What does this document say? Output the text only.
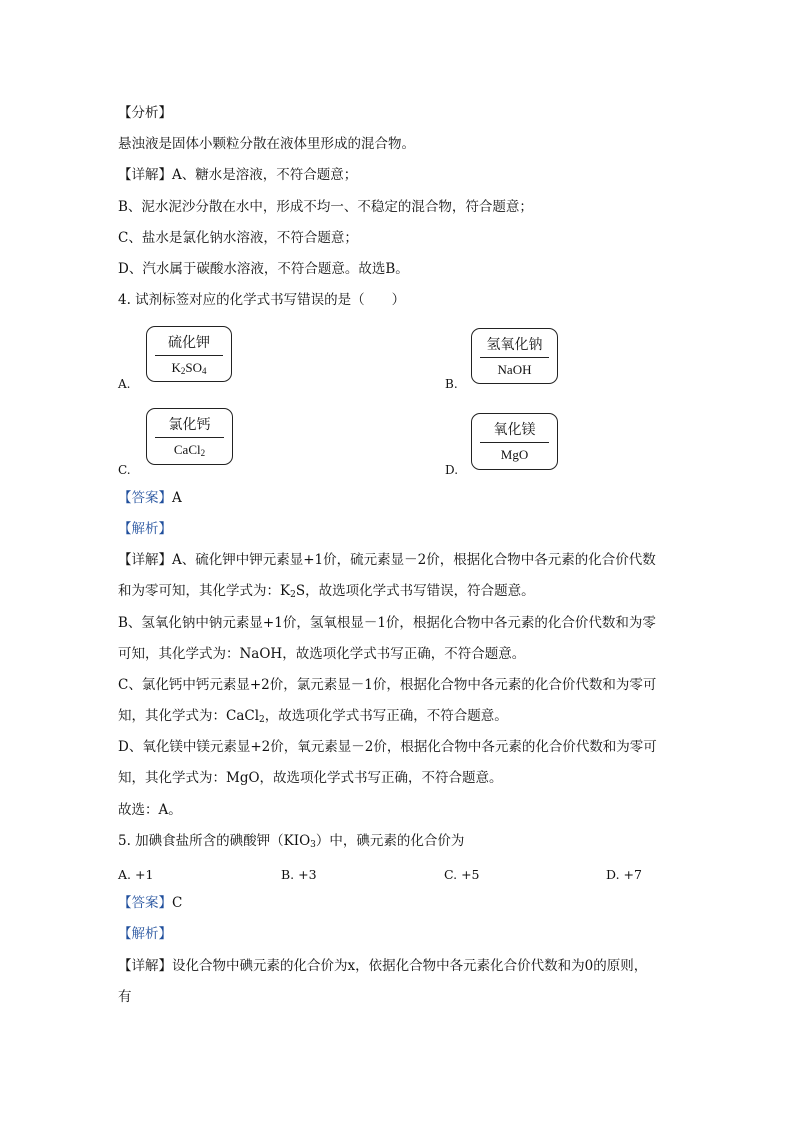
【分析】
悬浊液是固体小颗粒分散在液体里形成的混合物。
【详解】A、糖水是溶液，不符合题意；
B、泥水泥沙分散在水中，形成不均一、不稳定的混合物，符合题意；
C、盐水是氯化钠水溶液，不符合题意；
D、汽水属于碳酸水溶液，不符合题意。故选B。
4. 试剂标签对应的化学式书写错误的是（　　）
A.
硫化钾
$K_2SO_4$
B.
氢氧化钠
NaOH
C.
氯化钙
CaCl$_2$
D.
氧化镁
MgO
【答案】A
【解析】
【详解】A、硫化钾中钾元素显+1价，硫元素显－2价，根据化合物中各元素的化合价代数
和为零可知，其化学式为：$K_2S$，故选项化学式书写错误，符合题意。
B、氢氧化钠中钠元素显+1价，氢氧根显－1价，根据化合物中各元素的化合价代数和为零
可知，其化学式为：NaOH，故选项化学式书写正确，不符合题意。
C、氯化钙中钙元素显+2价，氯元素显－1价，根据化合物中各元素的化合价代数和为零可
知，其化学式为：CaCl$_2$，故选项化学式书写正确，不符合题意。
D、氧化镁中镁元素显+2价，氧元素显－2价，根据化合物中各元素的化合价代数和为零可
知，其化学式为：MgO，故选项化学式书写正确，不符合题意。
故选：A。
5. 加碘食盐所含的碘酸钾$(KIO_3)$中，碘元素的化合价为
A. +1	B. +3	C. +5	D. +7
【答案】C
【解析】
【详解】设化合物中碘元素的化合价为x，依据化合物中各元素化合价代数和为0的原则，
有
